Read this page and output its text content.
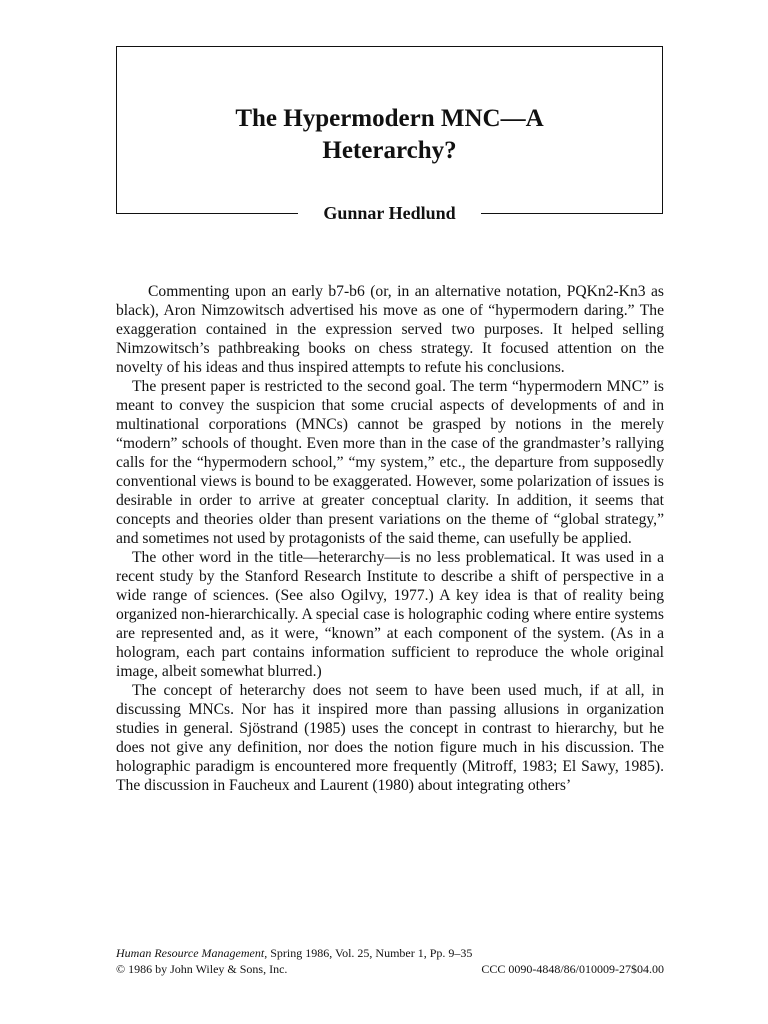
The Hypermodern MNC—A
Heterarchy?
Gunnar Hedlund

Commenting upon an early b7-b6 (or, in an alternative notation, PQKn2-Kn3 as black), Aron Nimzowitsch advertised his move as one of “hypermodern daring.” The exaggeration contained in the expression served two purposes. It helped selling Nimzowitsch’s pathbreaking books on chess strategy. It focused attention on the novelty of his ideas and thus inspired attempts to refute his conclusions.

The present paper is restricted to the second goal. The term “hypermodern MNC” is meant to convey the suspicion that some crucial aspects of developments of and in multinational corporations (MNCs) cannot be grasped by notions in the merely “modern” schools of thought. Even more than in the case of the grandmaster’s rallying calls for the “hypermodern school,” “my system,” etc., the departure from supposedly conventional views is bound to be exaggerated. However, some polarization of issues is desirable in order to arrive at greater conceptual clarity. In addition, it seems that concepts and theories older than present variations on the theme of “global strategy,” and sometimes not used by protagonists of the said theme, can usefully be applied.

The other word in the title—heterarchy—is no less problematical. It was used in a recent study by the Stanford Research Institute to describe a shift of perspective in a wide range of sciences. (See also Ogilvy, 1977.) A key idea is that of reality being organized non-hierarchically. A special case is holographic coding where entire systems are represented and, as it were, “known” at each component of the system. (As in a hologram, each part contains information sufficient to reproduce the whole original image, albeit somewhat blurred.)

The concept of heterarchy does not seem to have been used much, if at all, in discussing MNCs. Nor has it inspired more than passing allusions in organization studies in general. Sjöstrand (1985) uses the concept in contrast to hierarchy, but he does not give any definition, nor does the notion figure much in his discussion. The holographic paradigm is encountered more frequently (Mitroff, 1983; El Sawy, 1985). The discussion in Faucheux and Laurent (1980) about integrating others’

Human Resource Management, Spring 1986, Vol. 25, Number 1, Pp. 9–35
© 1986 by John Wiley & Sons, Inc.	CCC 0090-4848/86/010009-27$04.00
